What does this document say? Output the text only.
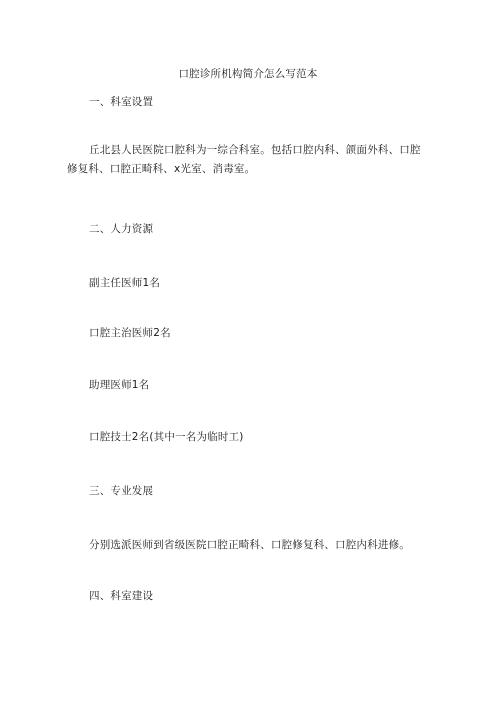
口腔诊所机构简介怎么写范本
一、科室设置
丘北县人民医院口腔科为一综合科室。包括口腔内科、颌面外科、口腔修复科、口腔正畸科、x光室、消毒室。
二、人力资源
副主任医师1名
口腔主治医师2名
助理医师1名
口腔技士2名(其中一名为临时工)
三、专业发展
分别选派医师到省级医院口腔正畸科、口腔修复科、口腔内科进修。
四、科室建设
